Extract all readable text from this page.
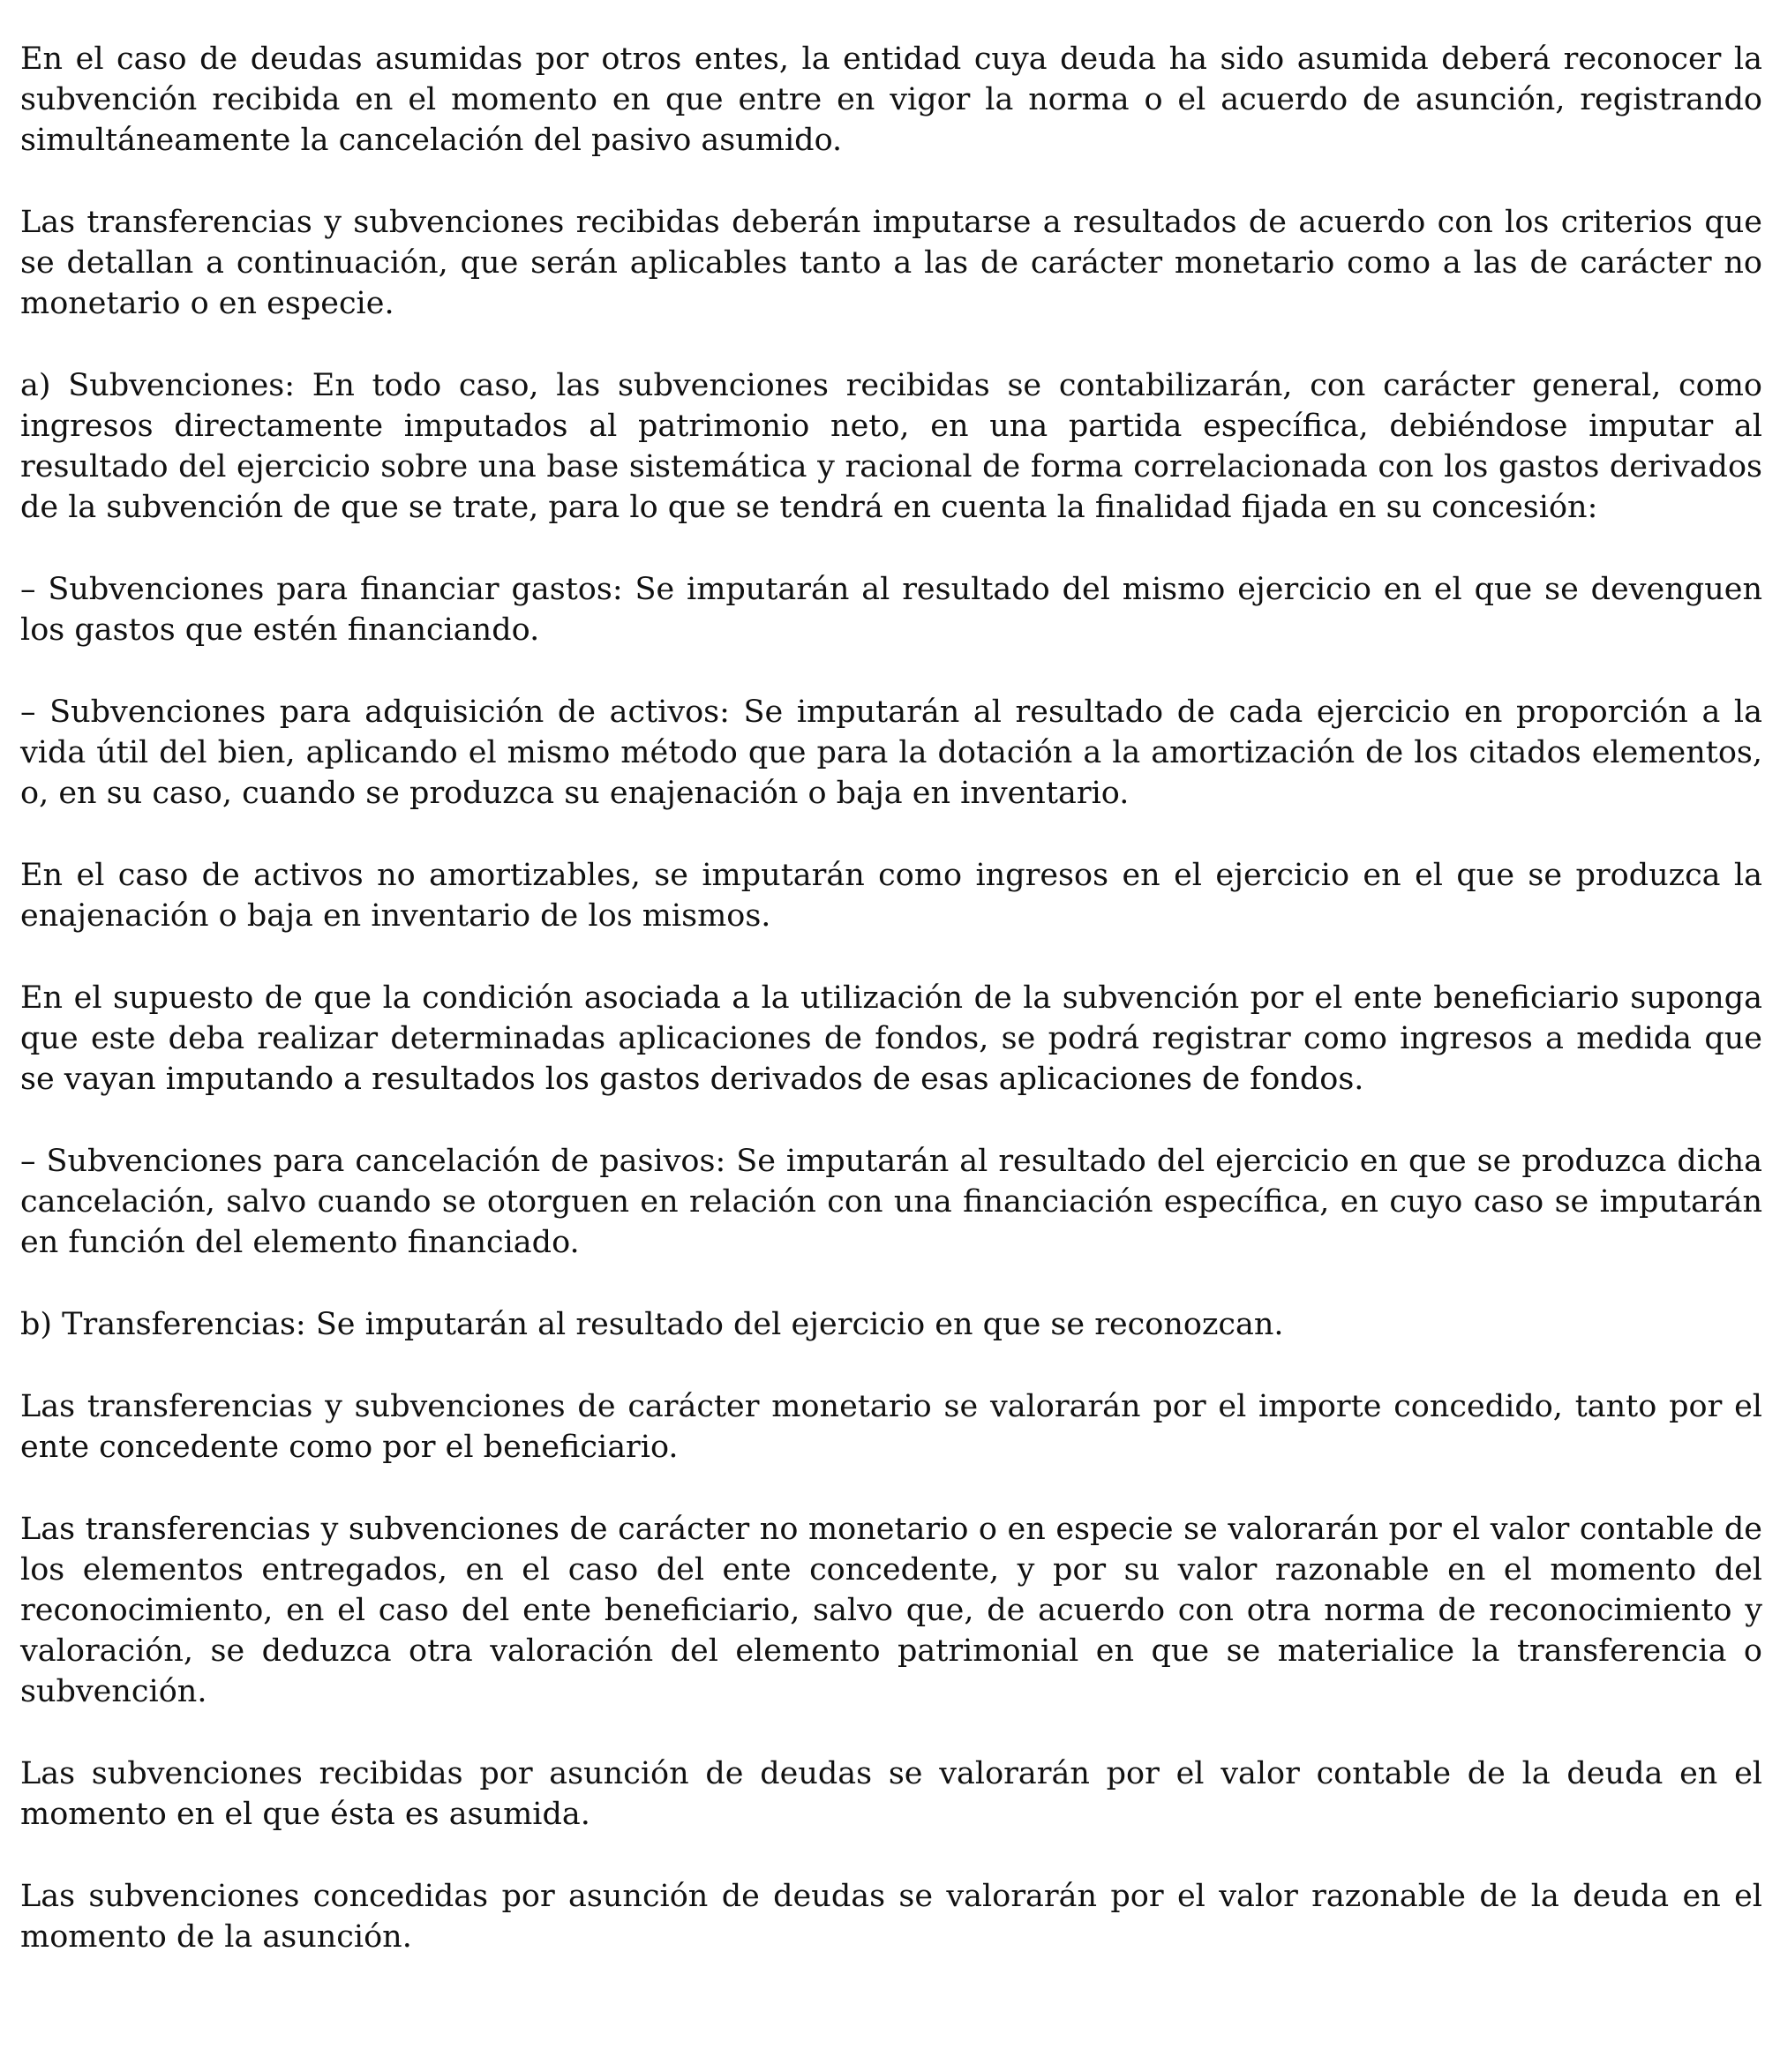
En el caso de deudas asumidas por otros entes, la entidad cuya deuda ha sido asumida deberá reconocer la subvención recibida en el momento en que entre en vigor la norma o el acuerdo de asunción, registrando simultáneamente la cancelación del pasivo asumido.

Las transferencias y subvenciones recibidas deberán imputarse a resultados de acuerdo con los criterios que se detallan a continuación, que serán aplicables tanto a las de carácter monetario como a las de carácter no monetario o en especie.

a) Subvenciones: En todo caso, las subvenciones recibidas se contabilizarán, con carácter general, como ingresos directamente imputados al patrimonio neto, en una partida específica, debiéndose imputar al resultado del ejercicio sobre una base sistemática y racional de forma correlacionada con los gastos derivados de la subvención de que se trate, para lo que se tendrá en cuenta la finalidad fijada en su concesión:

– Subvenciones para financiar gastos: Se imputarán al resultado del mismo ejercicio en el que se devenguen los gastos que estén financiando.

– Subvenciones para adquisición de activos: Se imputarán al resultado de cada ejercicio en proporción a la vida útil del bien, aplicando el mismo método que para la dotación a la amortización de los citados elementos, o, en su caso, cuando se produzca su enajenación o baja en inventario.

En el caso de activos no amortizables, se imputarán como ingresos en el ejercicio en el que se produzca la enajenación o baja en inventario de los mismos.

En el supuesto de que la condición asociada a la utilización de la subvención por el ente beneficiario suponga que este deba realizar determinadas aplicaciones de fondos, se podrá registrar como ingresos a medida que se vayan imputando a resultados los gastos derivados de esas aplicaciones de fondos.

– Subvenciones para cancelación de pasivos: Se imputarán al resultado del ejercicio en que se produzca dicha cancelación, salvo cuando se otorguen en relación con una financiación específica, en cuyo caso se imputarán en función del elemento financiado.

b) Transferencias: Se imputarán al resultado del ejercicio en que se reconozcan.

Las transferencias y subvenciones de carácter monetario se valorarán por el importe concedido, tanto por el ente concedente como por el beneficiario.

Las transferencias y subvenciones de carácter no monetario o en especie se valorarán por el valor contable de los elementos entregados, en el caso del ente concedente, y por su valor razonable en el momento del reconocimiento, en el caso del ente beneficiario, salvo que, de acuerdo con otra norma de reconocimiento y valoración, se deduzca otra valoración del elemento patrimonial en que se materialice la transferencia o subvención.

Las subvenciones recibidas por asunción de deudas se valorarán por el valor contable de la deuda en el momento en el que ésta es asumida.

Las subvenciones concedidas por asunción de deudas se valorarán por el valor razonable de la deuda en el momento de la asunción.
